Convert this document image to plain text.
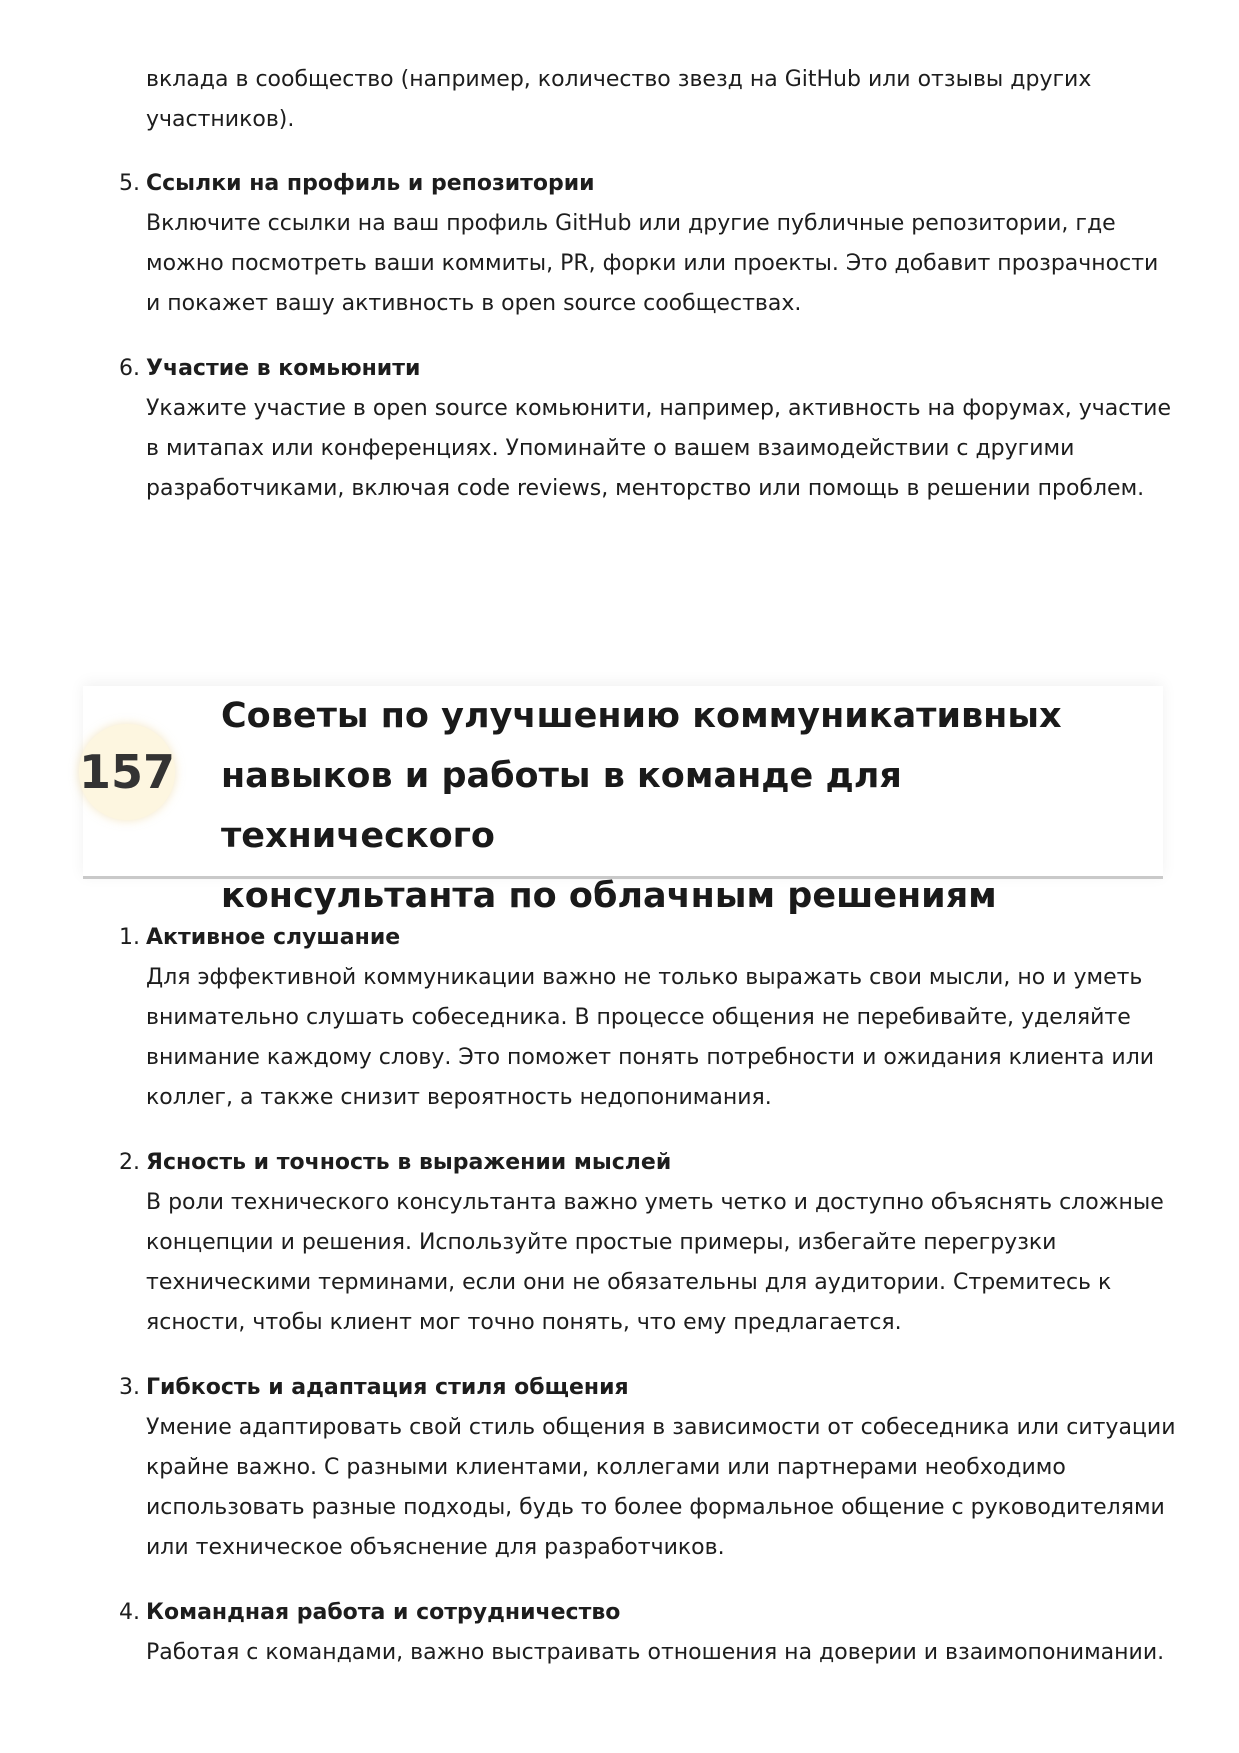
вклада в сообщество (например, количество звезд на GitHub или отзывы других
участников).
5. Ссылки на профиль и репозитории
Включите ссылки на ваш профиль GitHub или другие публичные репозитории, где
можно посмотреть ваши коммиты, PR, форки или проекты. Это добавит прозрачности
и покажет вашу активность в open source сообществах.
6. Участие в комьюнити
Укажите участие в open source комьюнити, например, активность на форумах, участие
в митапах или конференциях. Упоминайте о вашем взаимодействии с другими
разработчиками, включая code reviews, менторство или помощь в решении проблем.
157
Советы по улучшению коммуникативных
навыков и работы в команде для технического
консультанта по облачным решениям
1. Активное слушание
Для эффективной коммуникации важно не только выражать свои мысли, но и уметь
внимательно слушать собеседника. В процессе общения не перебивайте, уделяйте
внимание каждому слову. Это поможет понять потребности и ожидания клиента или
коллег, а также снизит вероятность недопонимания.
2. Ясность и точность в выражении мыслей
В роли технического консультанта важно уметь четко и доступно объяснять сложные
концепции и решения. Используйте простые примеры, избегайте перегрузки
техническими терминами, если они не обязательны для аудитории. Стремитесь к
ясности, чтобы клиент мог точно понять, что ему предлагается.
3. Гибкость и адаптация стиля общения
Умение адаптировать свой стиль общения в зависимости от собеседника или ситуации
крайне важно. С разными клиентами, коллегами или партнерами необходимо
использовать разные подходы, будь то более формальное общение с руководителями
или техническое объяснение для разработчиков.
4. Командная работа и сотрудничество
Работая с командами, важно выстраивать отношения на доверии и взаимопонимании.
